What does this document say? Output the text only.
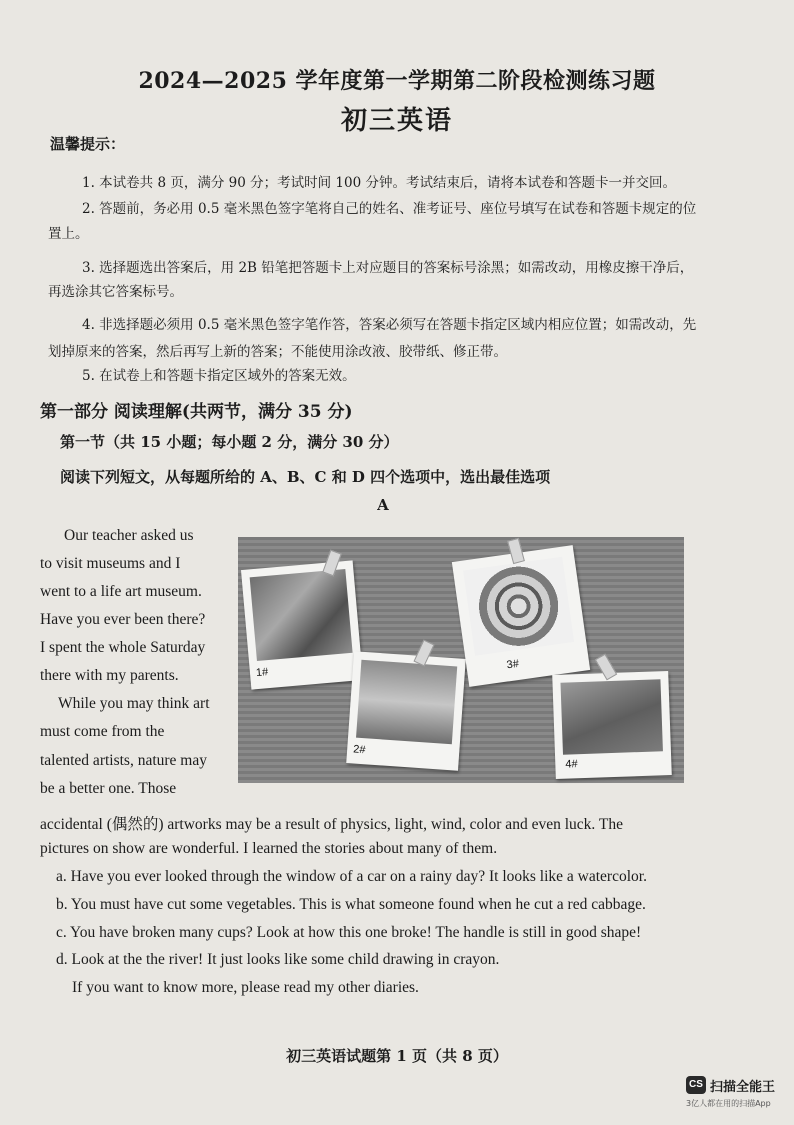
2024—2025 学年度第一学期第二阶段检测练习题
初三英语
温馨提示：
1. 本试卷共 8 页，满分 90 分；考试时间 100 分钟。考试结束后，请将本试卷和答题卡一并交回。
2. 答题前，务必用 0.5 毫米黑色签字笔将自己的姓名、准考证号、座位号填写在试卷和答题卡规定的位
置上。
3. 选择题选出答案后，用 2B 铅笔把答题卡上对应题目的答案标号涂黑；如需改动，用橡皮擦干净后，
再选涂其它答案标号。
4. 非选择题必须用 0.5 毫米黑色签字笔作答，答案必须写在答题卡指定区域内相应位置；如需改动，先
划掉原来的答案，然后再写上新的答案；不能使用涂改液、胶带纸、修正带。
5. 在试卷上和答题卡指定区域外的答案无效。
第一部分 阅读理解(共两节，满分 35 分)
第一节（共 15 小题；每小题 2 分，满分 30 分）
阅读下列短文，从每题所给的 A、B、C 和 D 四个选项中，选出最佳选项
A
Our teacher asked us
to visit museums and I
went to a life art museum.
Have you ever been there?
I spent the whole Saturday
there with my parents.
While you may think art
must come from the
talented artists, nature may
be a better one. Those
accidental (偶然的) artworks may be a result of physics, light, wind, color and even luck. The
pictures on show are wonderful. I learned the stories about many of them.
a. Have you ever looked through the window of a car on a rainy day? It looks like a watercolor.
b. You must have cut some vegetables. This is what someone found when he cut a red cabbage.
c. You have broken many cups? Look at how this one broke! The handle is still in good shape!
d. Look at the the river! It just looks like some child drawing in crayon.
If you want to know more, please read my other diaries.
1#
2#
3#
4#
初三英语试题第 1 页（共 8 页）
CS 扫描全能王
3亿人都在用的扫描App
